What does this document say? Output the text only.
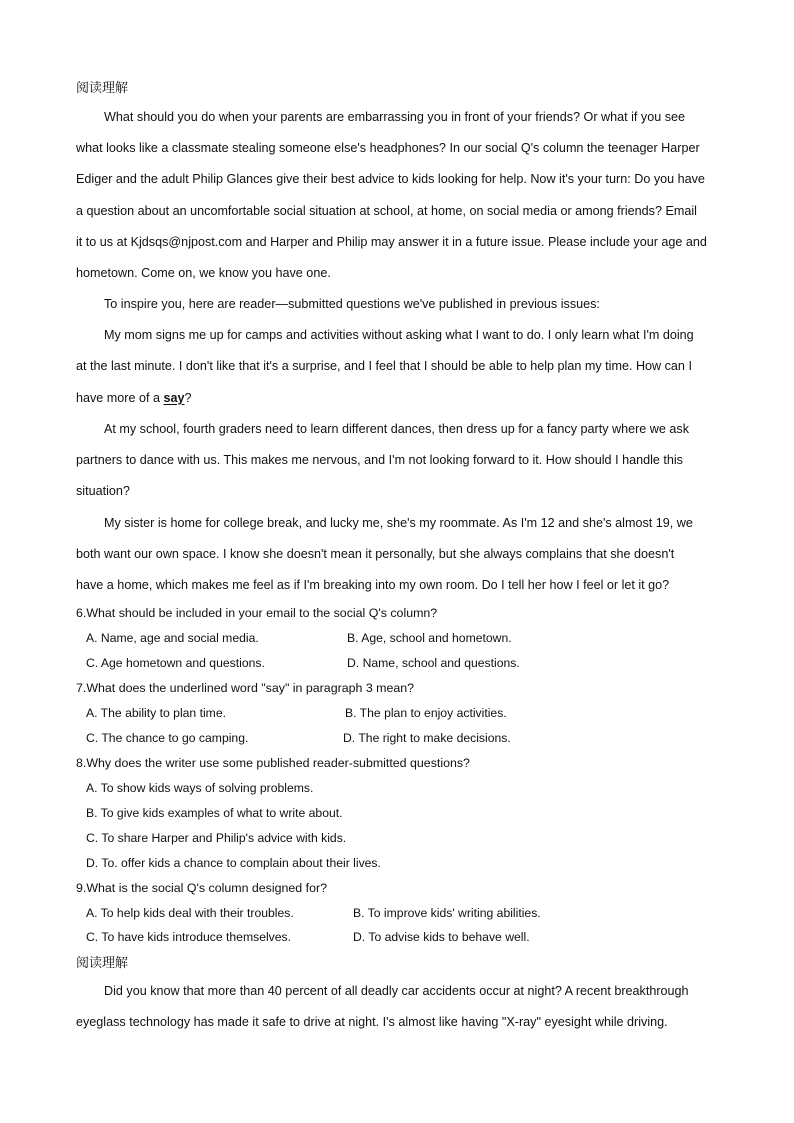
阅读理解
What should you do when your parents are embarrassing you in front of your friends? Or what if you see
what looks like a classmate stealing someone else's headphones? In our social Q's column the teenager Harper
Ediger and the adult Philip Glances give their best advice to kids looking for help. Now it's your turn: Do you have
a question about an uncomfortable social situation at school, at home, on social media or among friends? Email
it to us at Kjdsqs@njpost.com and Harper and Philip may answer it in a future issue. Please include your age and
hometown. Come on, we know you have one.
To inspire you, here are reader—submitted questions we've published in previous issues:
My mom signs me up for camps and activities without asking what I want to do. I only learn what I'm doing
at the last minute. I don't like that it's a surprise, and I feel that I should be able to help plan my time. How can I
have more of a say?
At my school, fourth graders need to learn different dances, then dress up for a fancy party where we ask
partners to dance with us. This makes me nervous, and I'm not looking forward to it. How should I handle this
situation?
My sister is home for college break, and lucky me, she's my roommate. As I'm 12 and she's almost 19, we
both want our own space. I know she doesn't mean it personally, but she always complains that she doesn't
have a home, which makes me feel as if I'm breaking into my own room. Do I tell her how I feel or let it go?
6.What should be included in your email to the social Q's column?
A. Name, age and social media.	B. Age, school and hometown.
C. Age hometown and questions.	D. Name, school and questions.
7.What does the underlined word "say" in paragraph 3 mean?
A. The ability to plan time.	B. The plan to enjoy activities.
C. The chance to go camping.	D. The right to make decisions.
8.Why does the writer use some published reader-submitted questions?
A. To show kids ways of solving problems.
B. To give kids examples of what to write about.
C. To share Harper and Philip's advice with kids.
D. To. offer kids a chance to complain about their lives.
9.What is the social Q's column designed for?
A. To help kids deal with their troubles.	B. To improve kids' writing abilities.
C. To have kids introduce themselves.	D. To advise kids to behave well.
阅读理解
Did you know that more than 40 percent of all deadly car accidents occur at night? A recent breakthrough
eyeglass technology has made it safe to drive at night. I's almost like having "X-ray" eyesight while driving.
